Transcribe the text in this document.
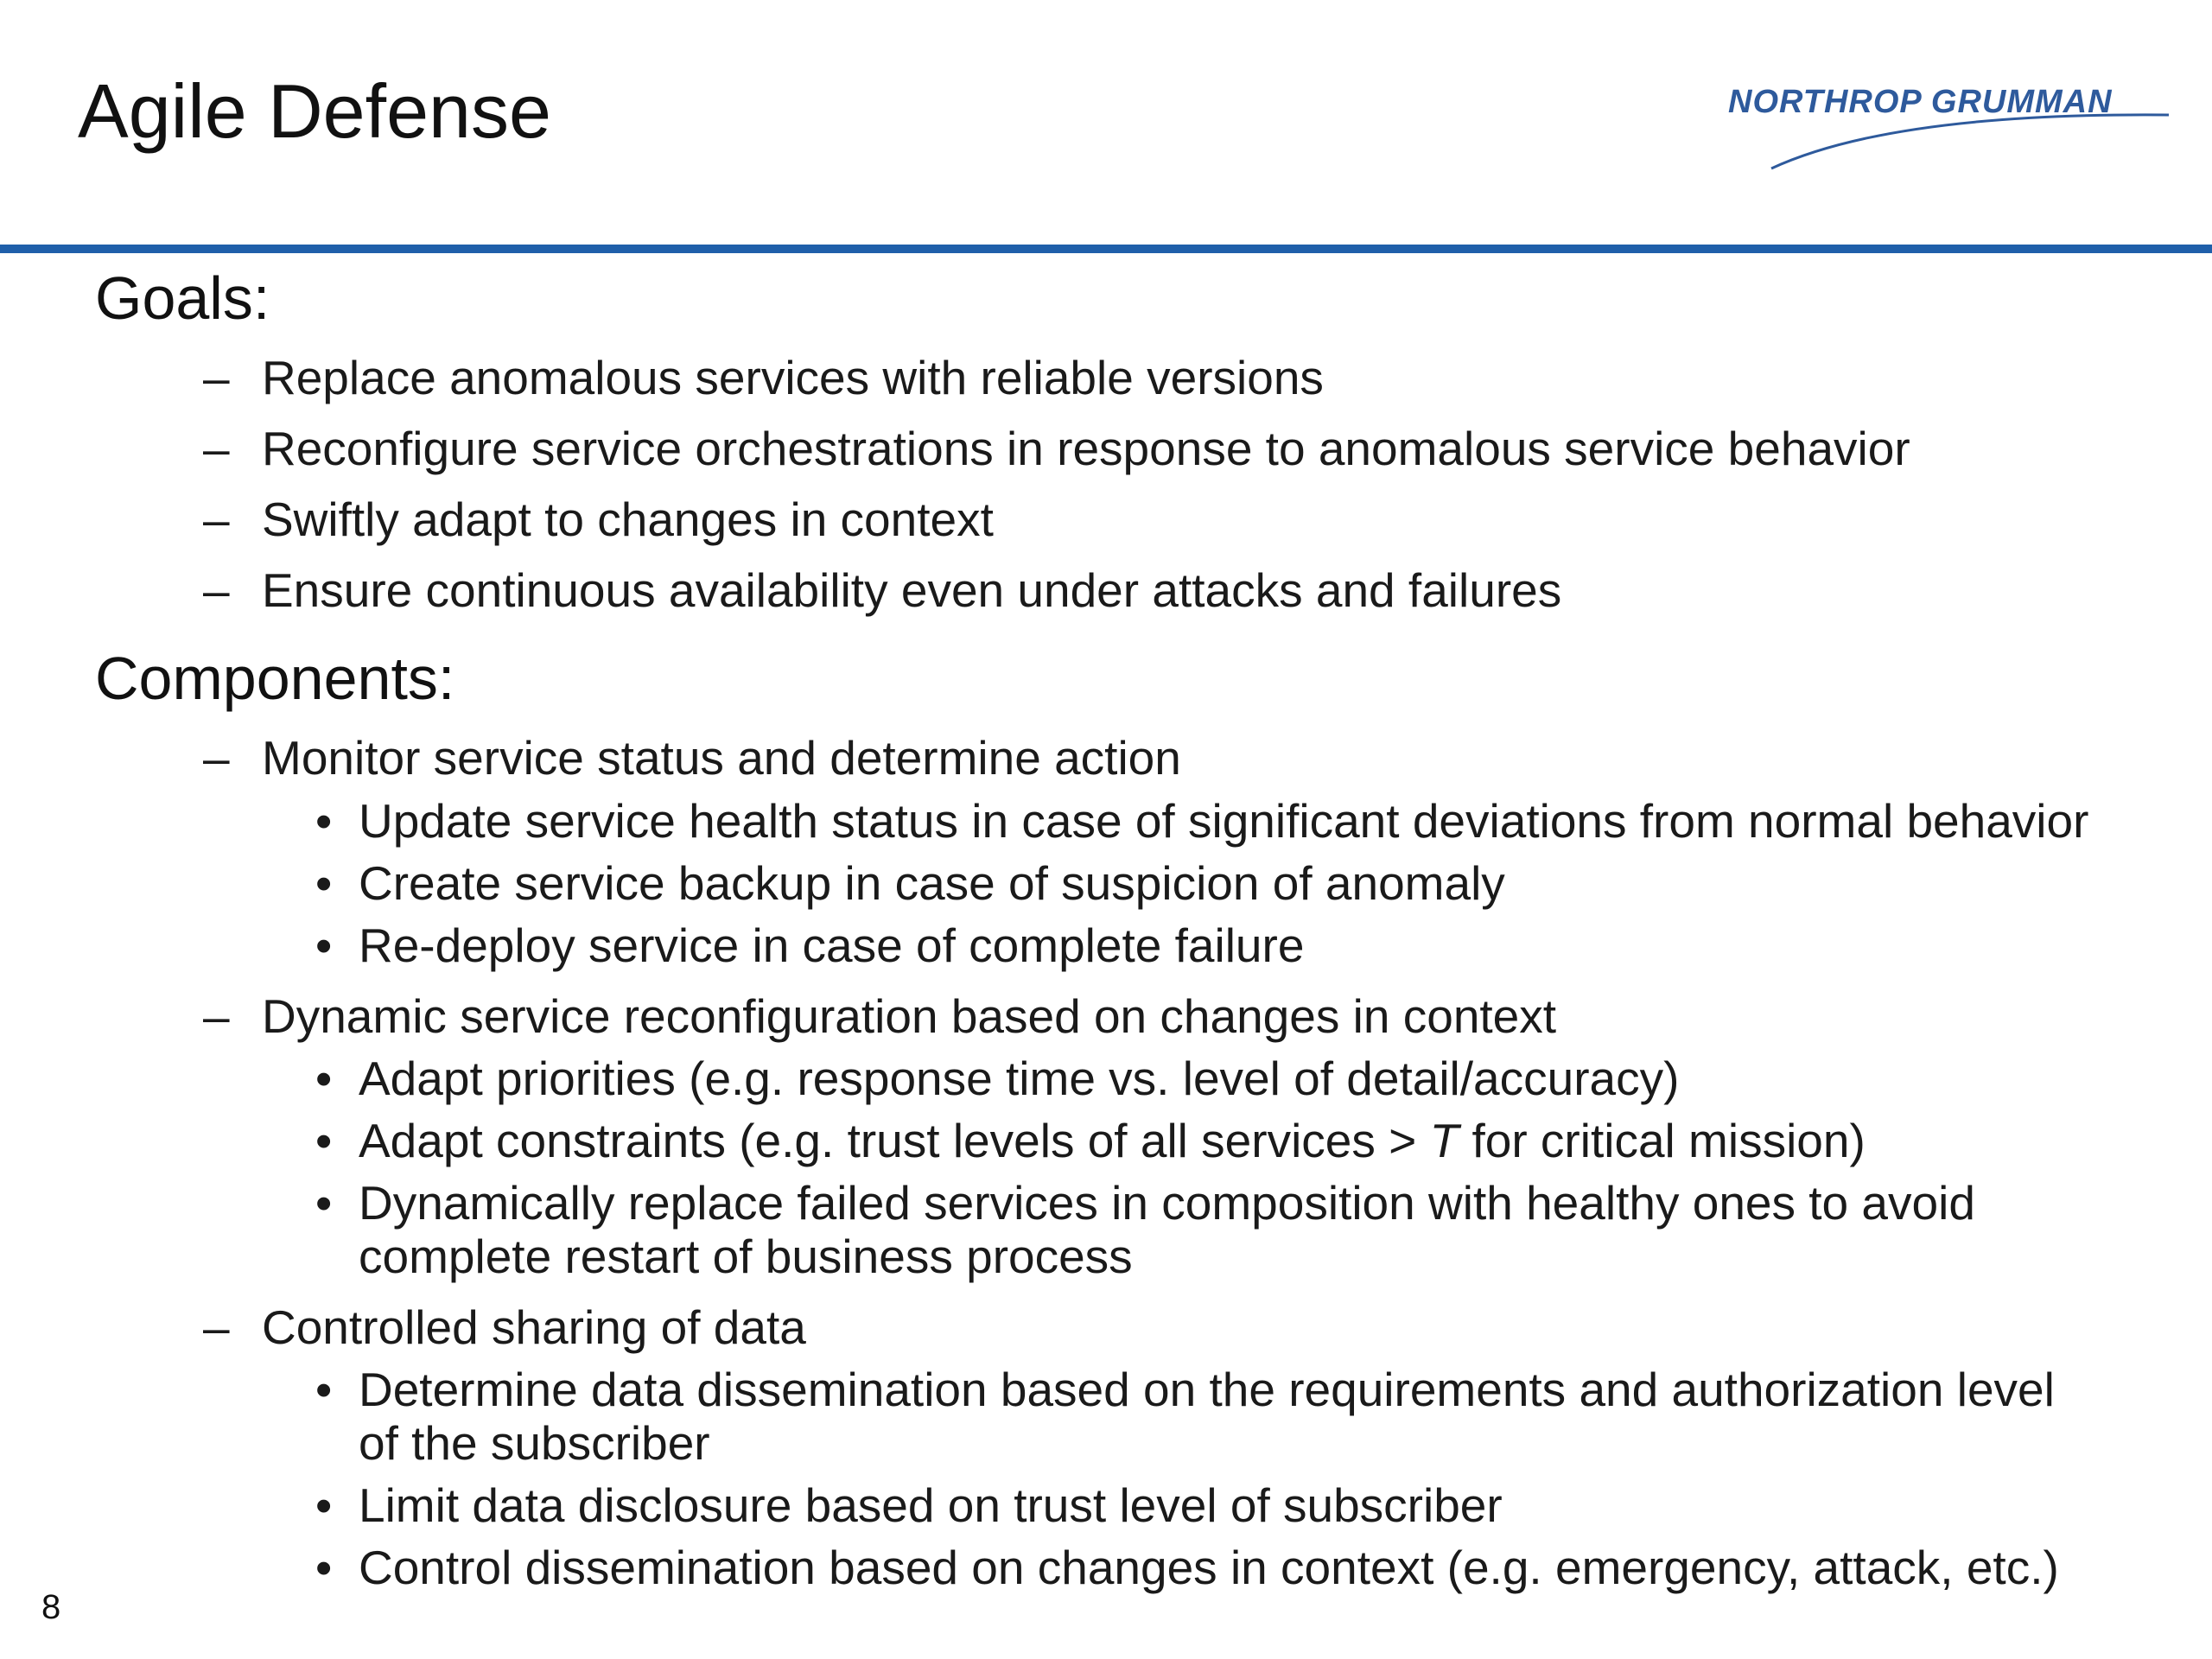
Agile Defense	NORTHROP GRUMMAN
Goals:
– Replace anomalous services with reliable versions
– Reconfigure service orchestrations in response to anomalous service behavior
– Swiftly adapt to changes in context
– Ensure continuous availability even under attacks and failures
Components:
– Monitor service status and determine action
• Update service health status in case of significant deviations from normal behavior
• Create service backup in case of suspicion of anomaly
• Re-deploy service in case of complete failure
– Dynamic service reconfiguration based on changes in context
• Adapt priorities (e.g. response time vs. level of detail/accuracy)
• Adapt constraints (e.g. trust levels of all services > T for critical mission)
• Dynamically replace failed services in composition with healthy ones to avoid
complete restart of business process
– Controlled sharing of data
• Determine data dissemination based on the requirements and authorization level
of the subscriber
• Limit data disclosure based on trust level of subscriber
• Control dissemination based on changes in context (e.g. emergency, attack, etc.)
8
